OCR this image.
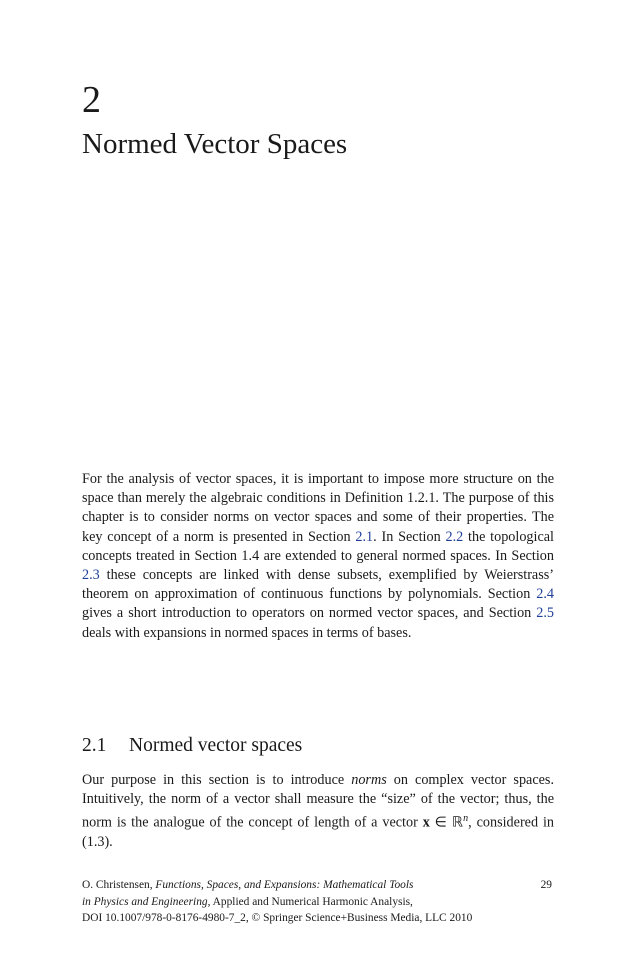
2
Normed Vector Spaces

For the analysis of vector spaces, it is important to impose more structure on the space than merely the algebraic conditions in Definition 1.2.1. The purpose of this chapter is to consider norms on vector spaces and some of their properties. The key concept of a norm is presented in Section 2.1. In Section 2.2 the topological concepts treated in Section 1.4 are extended to general normed spaces. In Section 2.3 these concepts are linked with dense subsets, exemplified by Weierstrass’ theorem on approximation of continuous functions by polynomials. Section 2.4 gives a short introduction to operators on normed vector spaces, and Section 2.5 deals with expansions in normed spaces in terms of bases.

2.1 Normed vector spaces

Our purpose in this section is to introduce norms on complex vector spaces. Intuitively, the norm of a vector shall measure the “size” of the vector; thus, the norm is the analogue of the concept of length of a vector x ∈ ℝ$^n$, considered in (1.3).

O. Christensen, Functions, Spaces, and Expansions: Mathematical Tools
in Physics and Engineering, Applied and Numerical Harmonic Analysis,
DOI 10.1007/978-0-8176-4980-7_2, © Springer Science+Business Media, LLC 2010
29
